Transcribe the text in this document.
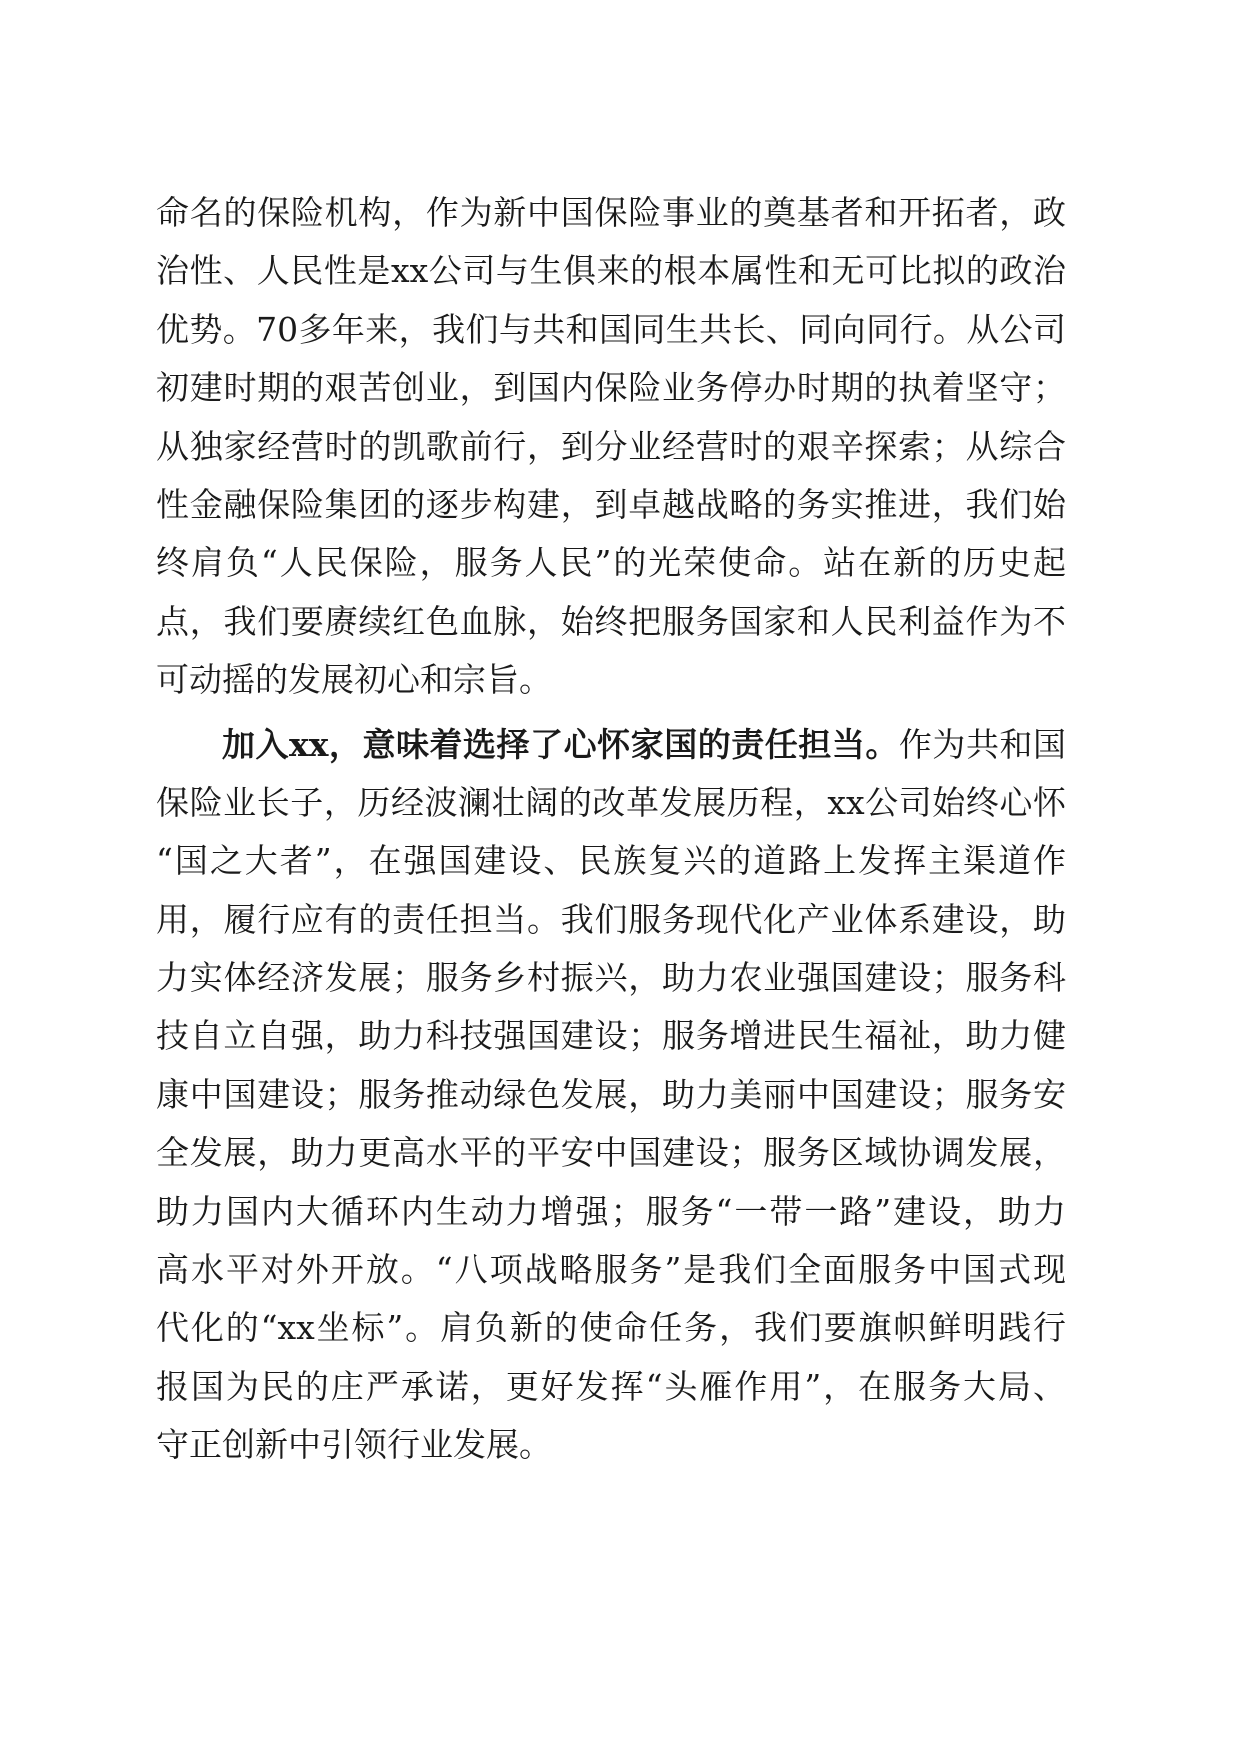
命名的保险机构，作为新中国保险事业的奠基者和开拓者，政
治性、人民性是xx公司与生俱来的根本属性和无可比拟的政治
优势。70多年来，我们与共和国同生共长、同向同行。从公司
初建时期的艰苦创业，到国内保险业务停办时期的执着坚守；
从独家经营时的凯歌前行，到分业经营时的艰辛探索；从综合
性金融保险集团的逐步构建，到卓越战略的务实推进，我们始
终肩负“人民保险，服务人民”的光荣使命。站在新的历史起
点，我们要赓续红色血脉，始终把服务国家和人民利益作为不
可动摇的发展初心和宗旨。
加入xx，意味着选择了心怀家国的责任担当。作为共和国
保险业长子，历经波澜壮阔的改革发展历程，xx公司始终心怀
“国之大者”，在强国建设、民族复兴的道路上发挥主渠道作
用，履行应有的责任担当。我们服务现代化产业体系建设，助
力实体经济发展；服务乡村振兴，助力农业强国建设；服务科
技自立自强，助力科技强国建设；服务增进民生福祉，助力健
康中国建设；服务推动绿色发展，助力美丽中国建设；服务安
全发展，助力更高水平的平安中国建设；服务区域协调发展，
助力国内大循环内生动力增强；服务“一带一路”建设，助力
高水平对外开放。“八项战略服务”是我们全面服务中国式现
代化的“xx坐标”。肩负新的使命任务，我们要旗帜鲜明践行
报国为民的庄严承诺，更好发挥“头雁作用”，在服务大局、
守正创新中引领行业发展。
